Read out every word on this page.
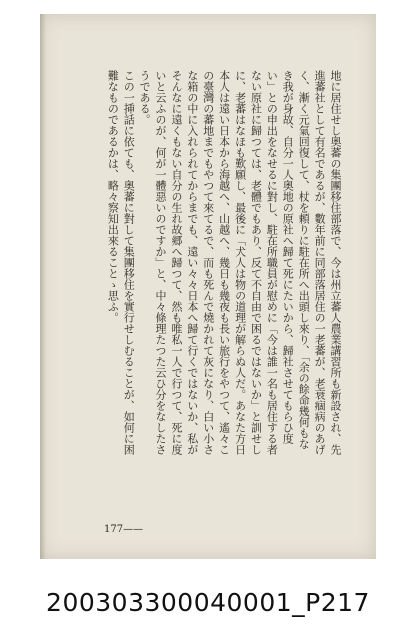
地に居住せし奥蕃の集團移住部落で、今は州立蕃人農業講習所も新設され、先進蕃社として有名であるが、數年前に同部落居住の一老蕃が、老衰痼病のあげく、漸く元氣回復して、杖を頼りに駐在所へ出頭し來り、「余の餘命幾何もなき我が身故、自分一人奥地の原社へ歸て死にたいから、歸社させてもらひ度い」との申出をなせるに對し、駐在所職員が慰めに「今は誰一名も居住する者ない原社に歸つては、老體でもあり、反て不自由で困るではないか」と訓せしに、老蕃はなほも歎願し、最後に「犬人は物の道理が解らぬ人だ。あなた方日本人は遠い日本から海越へ、山越へ、幾日も幾夜も長い旅行をやつて、遙々この臺灣の蕃地までもやつて來てるで、而も死んで燒かれて灰になり、白い小さな箱の中に入れられてからまでも、遠い々々日本へ歸て行くではないか、私がそんなに遠くもない自分の生れ故郷へ歸つて、然も唯私一人で行つて、死に度いと云ふのが、何が一體惡いのですか」と、中々條理たつた云ひ分をなしたさうである。

この一挿話に依ても、奥蕃に對して集團移住を實行せしむることが、如何に困難なものであるかは、略々察知出來ることゝ思ふ。

177——
200303300040001_P217
